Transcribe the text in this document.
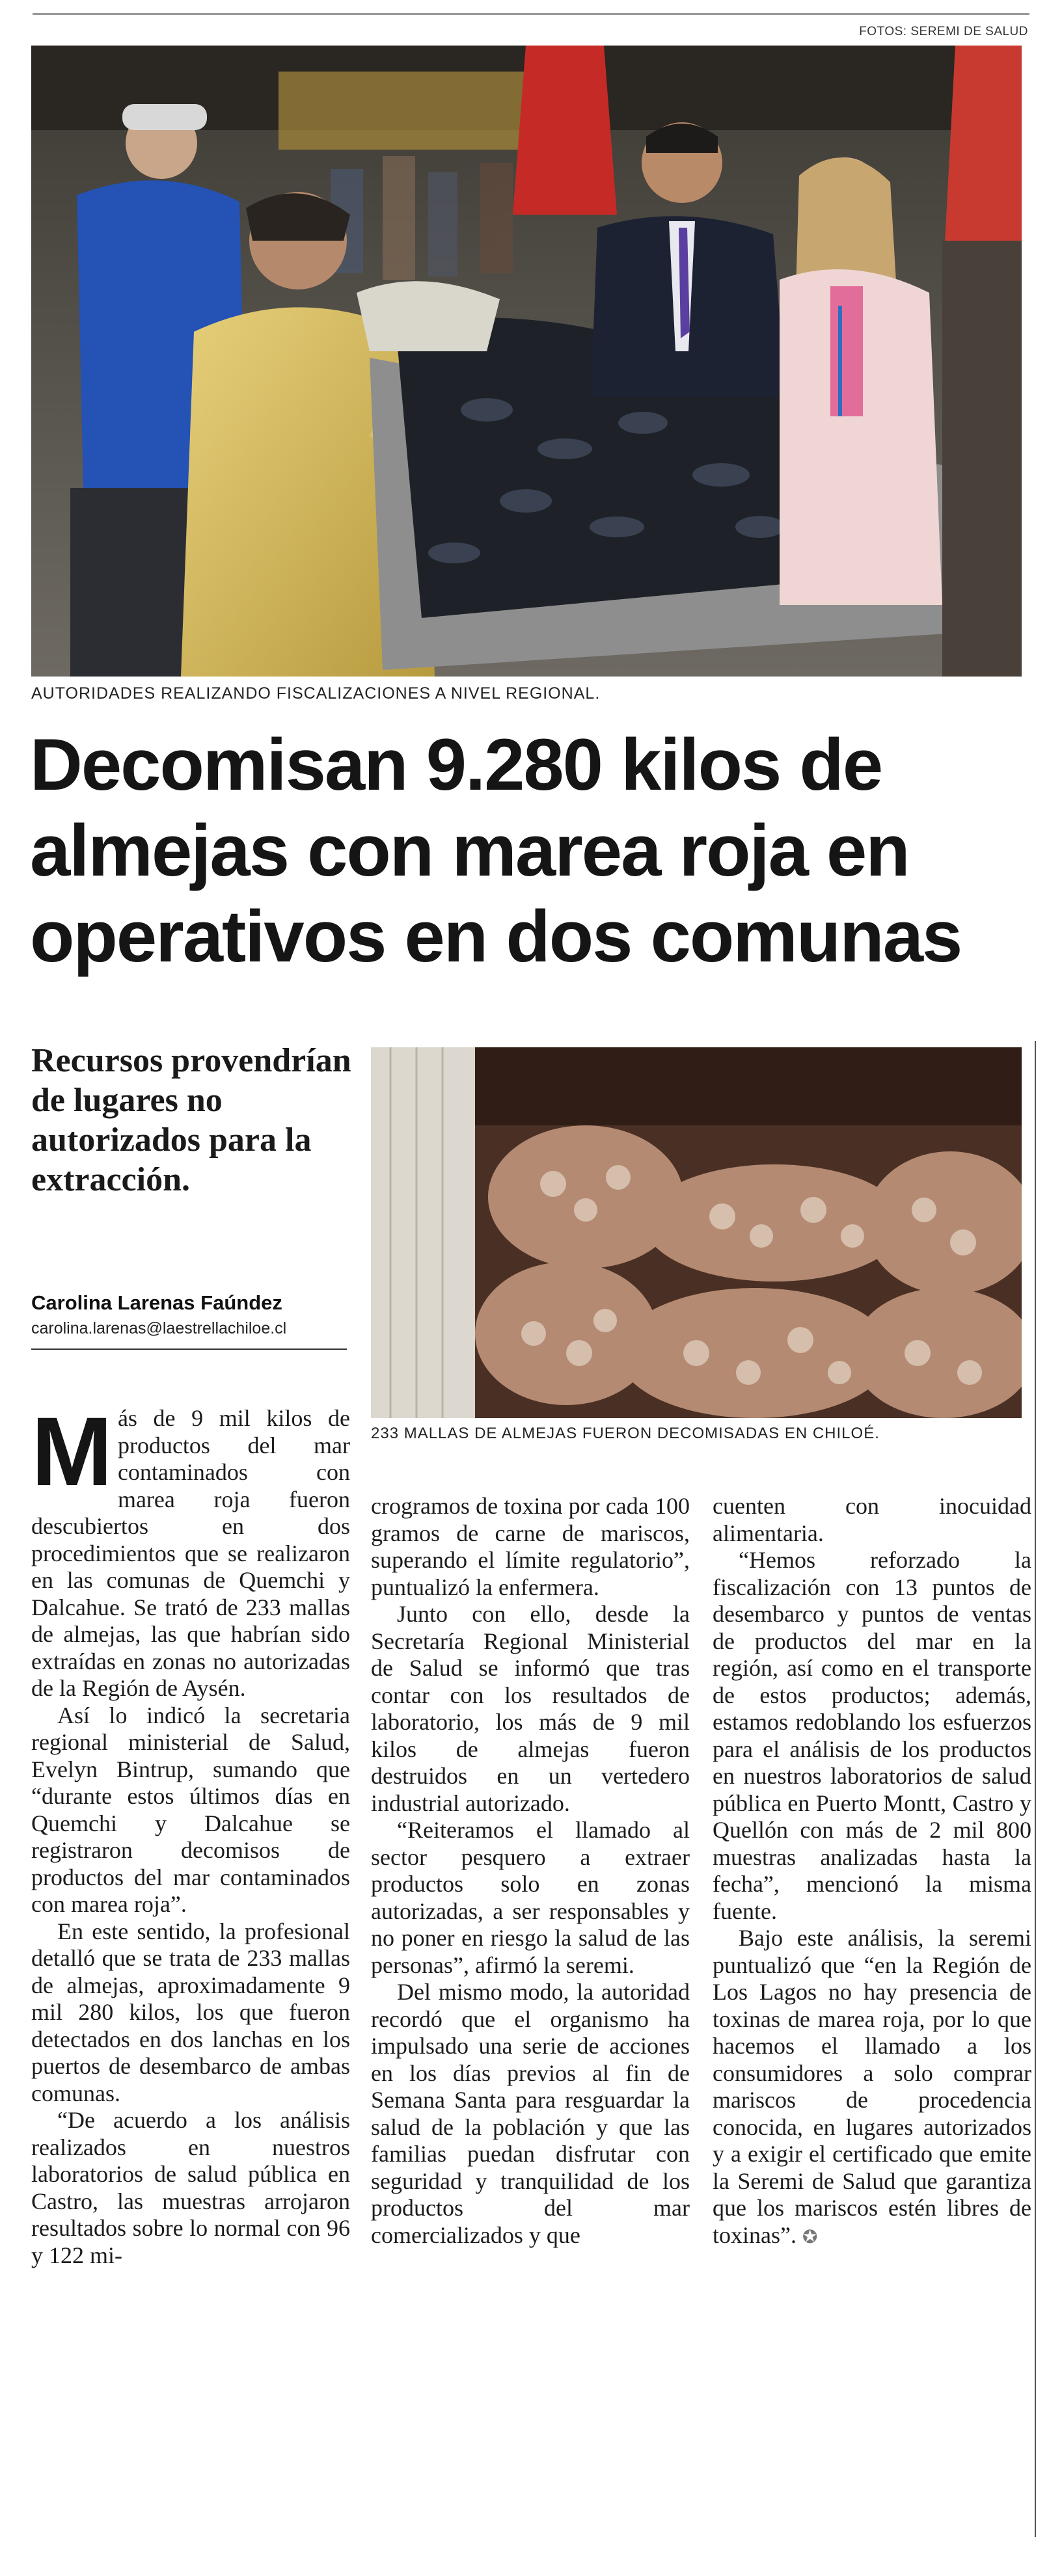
FOTOS: SEREMI DE SALUD
AUTORIDADES REALIZANDO FISCALIZACIONES A NIVEL REGIONAL.
Decomisan 9.280 kilos de almejas con marea roja en operativos en dos comunas
Recursos provendrían de lugares no autorizados para la extracción.
Carolina Larenas Faúndez
carolina.larenas@laestrellachiloe.cl
233 MALLAS DE ALMEJAS FUERON DECOMISADAS EN CHILOÉ.

Más de 9 mil kilos de productos del mar contaminados con marea roja fueron descubiertos en dos procedimientos que se realizaron en las comunas de Quemchi y Dalcahue. Se trató de 233 mallas de almejas, las que habrían sido extraídas en zonas no autorizadas de la Región de Aysén.

Así lo indicó la secretaria regional ministerial de Salud, Evelyn Bintrup, sumando que “durante estos últimos días en Quemchi y Dalcahue se registraron decomisos de productos del mar contaminados con marea roja”.

En este sentido, la profesional detalló que se trata de 233 mallas de almejas, aproximadamente 9 mil 280 kilos, los que fueron detectados en dos lanchas en los puertos de desembarco de ambas comunas.

“De acuerdo a los análisis realizados en nuestros laboratorios de salud pública en Castro, las muestras arrojaron resultados sobre lo normal con 96 y 122 mi-

crogramos de toxina por cada 100 gramos de carne de mariscos, superando el límite regulatorio”, puntualizó la enfermera.

Junto con ello, desde la Secretaría Regional Ministerial de Salud se informó que tras contar con los resultados de laboratorio, los más de 9 mil kilos de almejas fueron destruidos en un vertedero industrial autorizado.

“Reiteramos el llamado al sector pesquero a extraer productos solo en zonas autorizadas, a ser responsables y no poner en riesgo la salud de las personas”, afirmó la seremi.

Del mismo modo, la autoridad recordó que el organismo ha impulsado una serie de acciones en los días previos al fin de Semana Santa para resguardar la salud de la población y que las familias puedan disfrutar con seguridad y tranquilidad de los productos del mar comercializados y que

cuenten con inocuidad alimentaria.

“Hemos reforzado la fiscalización con 13 puntos de desembarco y puntos de ventas de productos del mar en la región, así como en el transporte de estos productos; además, estamos redoblando los esfuerzos para el análisis de los productos en nuestros laboratorios de salud pública en Puerto Montt, Castro y Quellón con más de 2 mil 800 muestras analizadas hasta la fecha”, mencionó la misma fuente.

Bajo este análisis, la seremi puntualizó que “en la Región de Los Lagos no hay presencia de toxinas de marea roja, por lo que hacemos el llamado a los consumidores a solo comprar mariscos de procedencia conocida, en lugares autorizados y a exigir el certificado que emite la Seremi de Salud que garantiza que los mariscos estén libres de toxinas”. ✪
